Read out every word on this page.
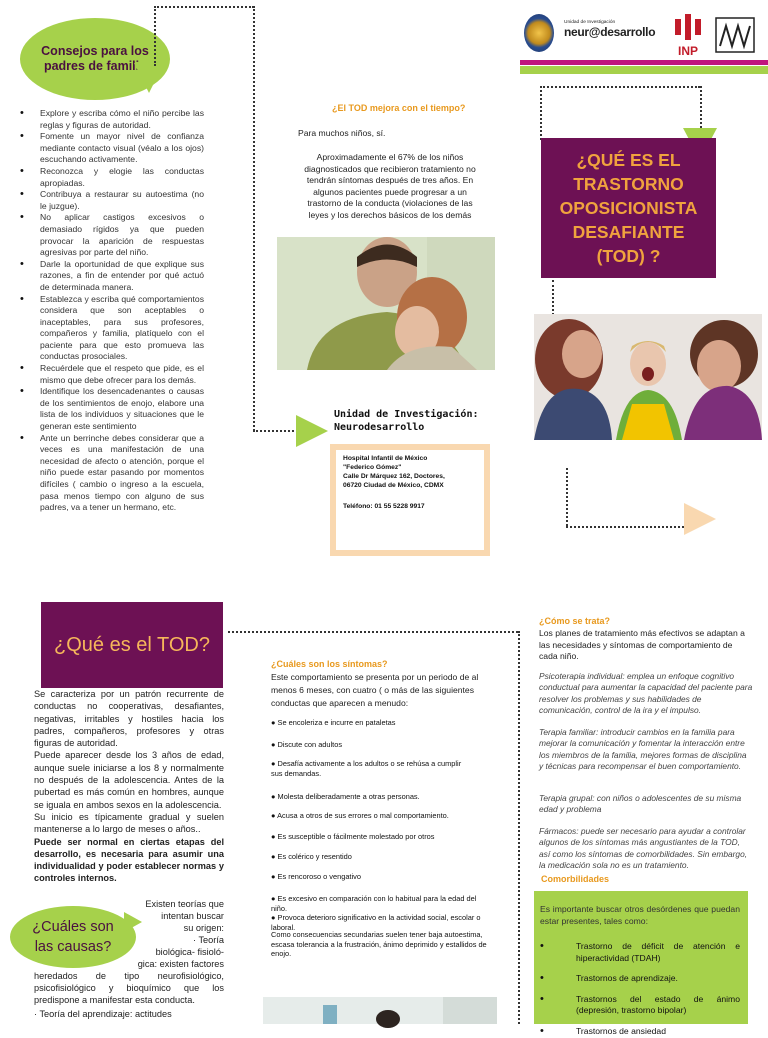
Consejos para los padres de familia
• Explore y escriba cómo el niño percibe las reglas y figuras de autoridad.
• Fomente un mayor nivel de confianza mediante contacto visual (véalo a los ojos) escuchando activamente.
• Reconozca y elogie las conductas apropiadas.
• Contribuya a restaurar su autoestima (no le juzgue).
• No aplicar castigos excesivos o demasiado rígidos ya que pueden provocar la aparición de respuestas agresivas por parte del niño.
• Darle la oportunidad de que explique sus razones, a fin de entender por qué actuó de determinada manera.
• Establezca y escriba qué comportamientos considera que son aceptables o inaceptables, para sus profesores, compañeros y familia, platíquelo con el paciente para que esto promueva las conductas prosociales.
• Recuérdele que el respeto que pide, es el mismo que debe ofrecer para los demás.
• Identifique los desencadenantes o causas de los sentimientos de enojo, elabore una lista de los individuos y situaciones que le generan este sentimiento
• Ante un berrinche debes considerar que a veces es una manifestación de una necesidad de afecto o atención, porque el niño puede estar pasando por momentos difíciles ( cambio o ingreso a la escuela, pasa menos tiempo con alguno de sus padres, va a tener un hermano, etc.
¿El TOD mejora con el tiempo?
Para muchos niños, sí.
Aproximadamente el 67% de los niños diagnosticados que recibieron tratamiento no tendrán síntomas después de tres años. En algunos pacientes puede progresar a un trastorno de la conducta (violaciones de las leyes y los derechos básicos de los demás
Unidad de Investigación:
Neurodesarrollo
Hospital Infantil de México
"Federico Gómez"
Calle Dr Márquez 162, Doctores,
06720 Ciudad de México, CDMX
Teléfono: 01 55 5228 9917
Unidad de Investigación
neur@desarrollo
INP
¿QUÉ ES EL TRASTORNO OPOSICIONISTA DESAFIANTE (TOD) ?
¿Qué es el TOD?
Se caracteriza por un patrón recurrente de conductas no cooperativas, desafiantes, negativas, irritables y hostiles hacia los padres, compañeros, profesores y otras figuras de autoridad.
Puede aparecer desde los 3 años de edad, aunque suele iniciarse a los 8 y normalmente no después de la adolescencia. Antes de la pubertad es más común en hombres, aunque se iguala en ambos sexos en la adolescencia.
Su inicio es típicamente gradual y suelen mantenerse a lo largo de meses o años..
Puede ser normal en ciertas etapas del desarrollo, es necesaria para asumir una individualidad y poder establecer normas y controles internos.
¿Cuáles son las causas?
Existen teorías que
intentan buscar
su origen:
· Teoría
biológica- fisioló-
gica: existen factores
heredados de tipo neurofisiológico, psicofisiológico y bioquímico que los predispone a manifestar esta conducta.
· Teoría del aprendizaje: actitudes
¿Cuáles son los síntomas?
Este comportamiento se presenta por un periodo de al menos 6 meses, con cuatro ( o más de las siguientes conductas que aparecen a menudo:
● Se encolerizа e incurre en pataletas
● Discute con adultos
● Desafía activamente a los adultos o se rehúsa a cumplir sus demandas.
● Molesta deliberadamente a otras personas.
● Acusa a otros de sus errores o mal comportamiento.
● Es susceptible o fácilmente molestado por otros
● Es colérico y resentido
● Es rencoroso o vengativo
● Es excesivo en comparación con lo habitual para la edad del niño.
● Provoca deterioro significativo en la actividad social, escolar o laboral.
Como consecuencias secundarias suelen tener baja autoestima, escasa tolerancia a la frustración, ánimo deprimido y estallidos de enojo.
¿Cómo se trata?
Los planes de tratamiento más efectivos se adaptan a las necesidades y síntomas de comportamiento de cada niño.
Psicoterapia individual: emplea un enfoque cognitivo conductual para aumentar la capacidad del paciente para resolver los problemas y sus habilidades de comunicación, control de la ira y el impulso.
Terapia familiar: introducir cambios en la familia para mejorar la comunicación y fomentar la interacción entre los miembros de la familia, mejores formas de disciplina y técnicas para recompensar el buen comportamiento.
Terapia grupal: con niños o adolescentes de su misma edad y problema
Fármacos: puede ser necesario para ayudar a controlar algunos de los síntomas más angustiantes de la TOD, así como los síntomas de comorbilidades. Sin embargo, la medicación sola no es un tratamiento.
Comorbilidades
Es importante buscar otros desórdenes que puedan estar presentes, tales como:
• Trastorno de déficit de atención e hiperactividad (TDAH)
• Trastornos de aprendizaje.
• Trastornos del estado de ánimo (depresión, trastorno bipolar)
• Trastornos de ansiedad
